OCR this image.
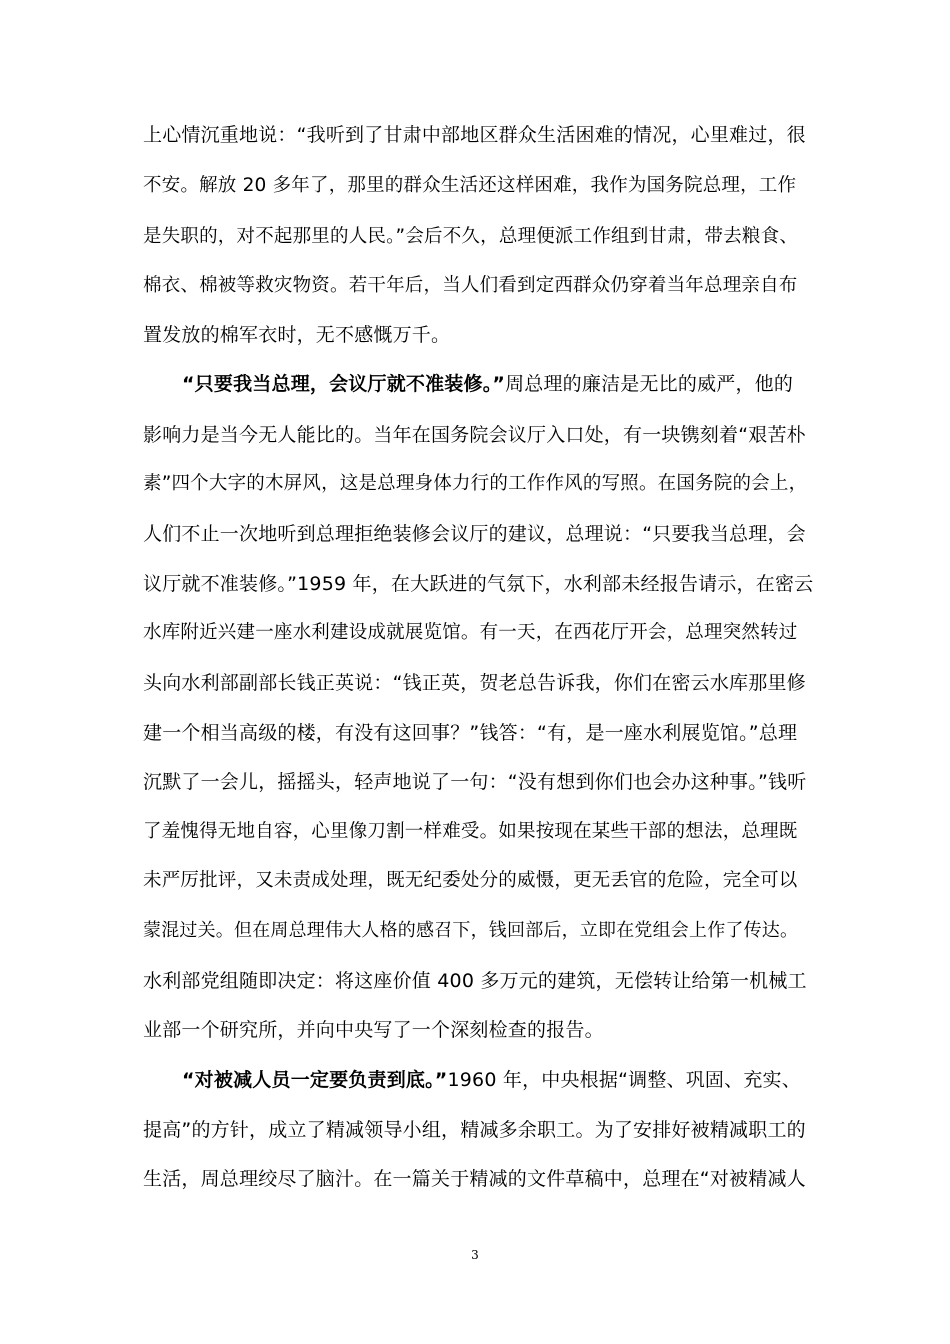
上心情沉重地说：“我听到了甘肃中部地区群众生活困难的情况，心里难过，很
不安。解放 20 多年了，那里的群众生活还这样困难，我作为国务院总理，工作
是失职的，对不起那里的人民。”会后不久，总理便派工作组到甘肃，带去粮食、
棉衣、棉被等救灾物资。若干年后，当人们看到定西群众仍穿着当年总理亲自布
置发放的棉军衣时，无不感慨万千。
“只要我当总理，会议厅就不准装修。”周总理的廉洁是无比的威严，他的
影响力是当今无人能比的。当年在国务院会议厅入口处，有一块镌刻着“艰苦朴
素”四个大字的木屏风，这是总理身体力行的工作作风的写照。在国务院的会上，
人们不止一次地听到总理拒绝装修会议厅的建议，总理说：“只要我当总理，会
议厅就不准装修。”1959 年，在大跃进的气氛下，水利部未经报告请示，在密云
水库附近兴建一座水利建设成就展览馆。有一天，在西花厅开会，总理突然转过
头向水利部副部长钱正英说：“钱正英，贺老总告诉我，你们在密云水库那里修
建一个相当高级的楼，有没有这回事？”钱答：“有，是一座水利展览馆。”总理
沉默了一会儿，摇摇头，轻声地说了一句：“没有想到你们也会办这种事。”钱听
了羞愧得无地自容，心里像刀割一样难受。如果按现在某些干部的想法，总理既
未严厉批评，又未责成处理，既无纪委处分的威慑，更无丢官的危险，完全可以
蒙混过关。但在周总理伟大人格的感召下，钱回部后，立即在党组会上作了传达。
水利部党组随即决定：将这座价值 400 多万元的建筑，无偿转让给第一机械工
业部一个研究所，并向中央写了一个深刻检查的报告。
“对被减人员一定要负责到底。”1960 年，中央根据“调整、巩固、充实、
提高”的方针，成立了精减领导小组，精减多余职工。为了安排好被精减职工的
生活，周总理绞尽了脑汁。在一篇关于精减的文件草稿中，总理在“对被精减人
3
